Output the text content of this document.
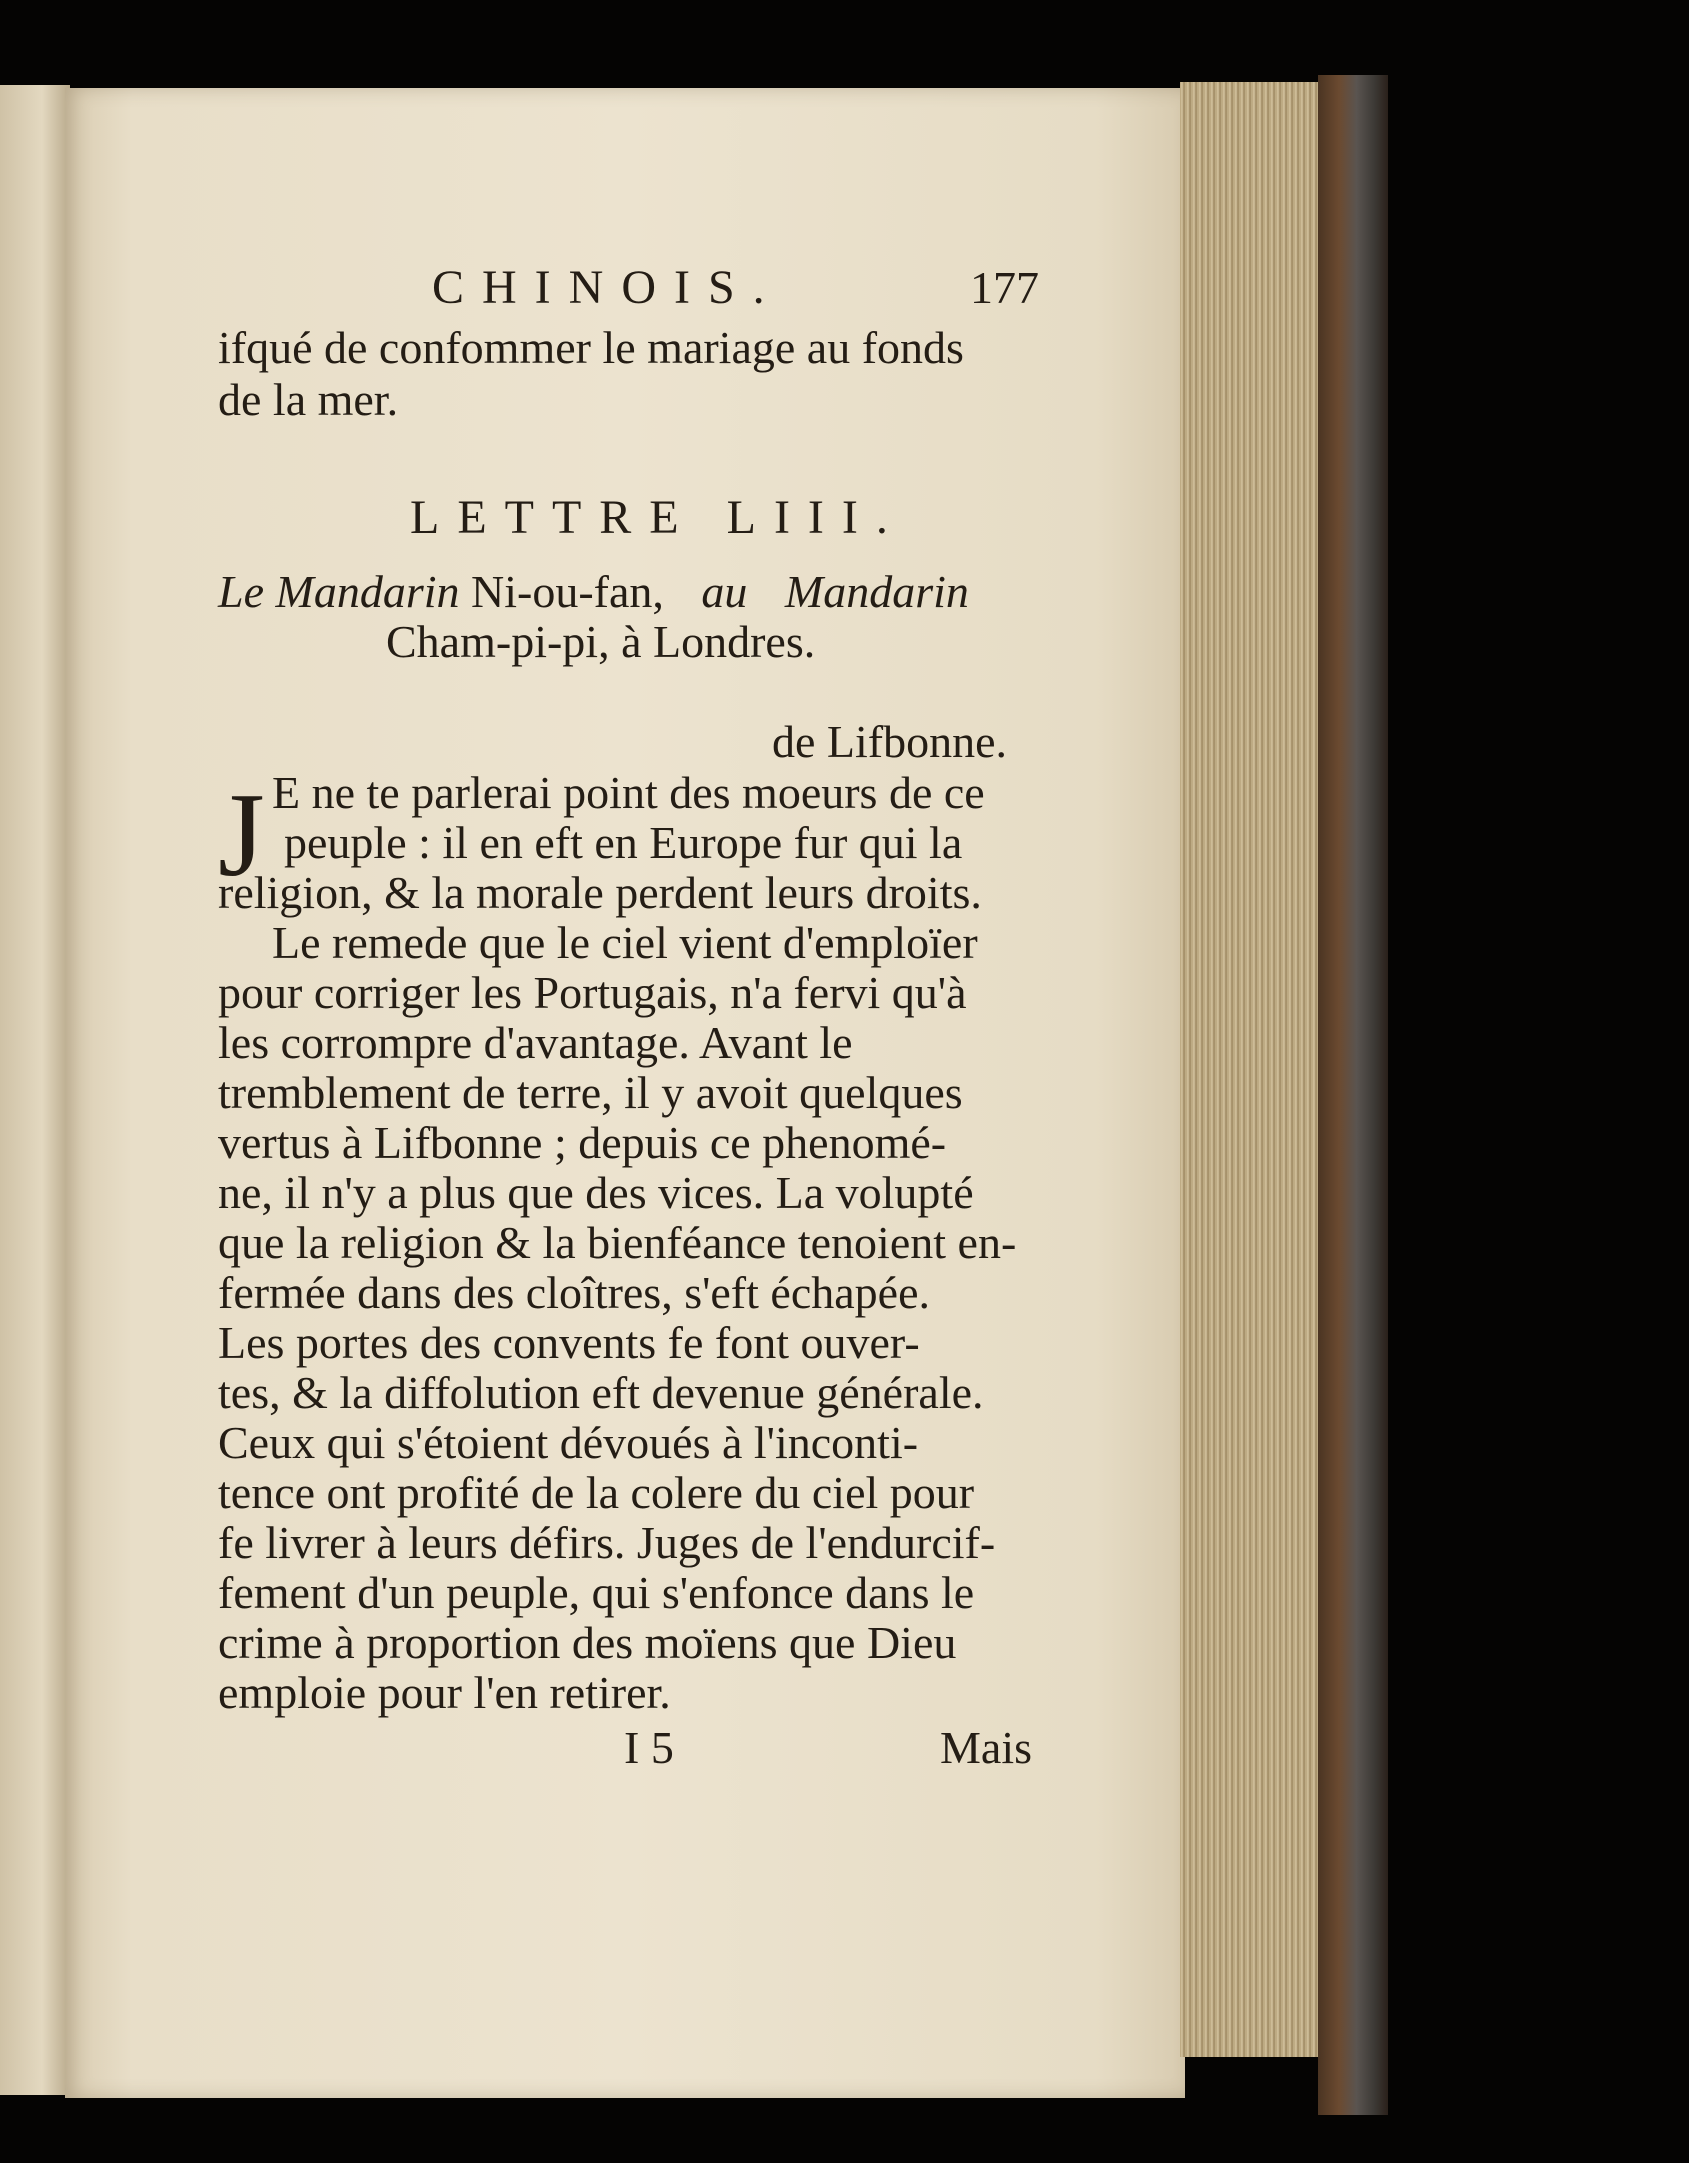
CHINOIS.	177

ifqué de confommer le mariage au fonds

de la mer.

LETTRE LIII.

Le Mandarin Ni-ou-fan, au Mandarin

Cham-pi-pi, à Londres.

de Lifbonne.

J E ne te parlerai point des moeurs de ce

peuple : il en eft en Europe fur qui la

religion, & la morale perdent leurs droits.

Le remede que le ciel vient d'emploïer

pour corriger les Portugais, n'a fervi qu'à

les corrompre d'avantage. Avant le

tremblement de terre, il y avoit quelques

vertus à Lifbonne ; depuis ce phenomé-

ne, il n'y a plus que des vices. La volupté

que la religion & la bienféance tenoient en-

fermée dans des cloîtres, s'eft échapée.

Les portes des convents fe font ouver-

tes, & la diffolution eft devenue générale.

Ceux qui s'étoient dévoués à l'inconti-

tence ont profité de la colere du ciel pour

fe livrer à leurs défirs. Juges de l'endurcif-

fement d'un peuple, qui s'enfonce dans le

crime à proportion des moïens que Dieu

emploie pour l'en retirer.

I 5	Mais
